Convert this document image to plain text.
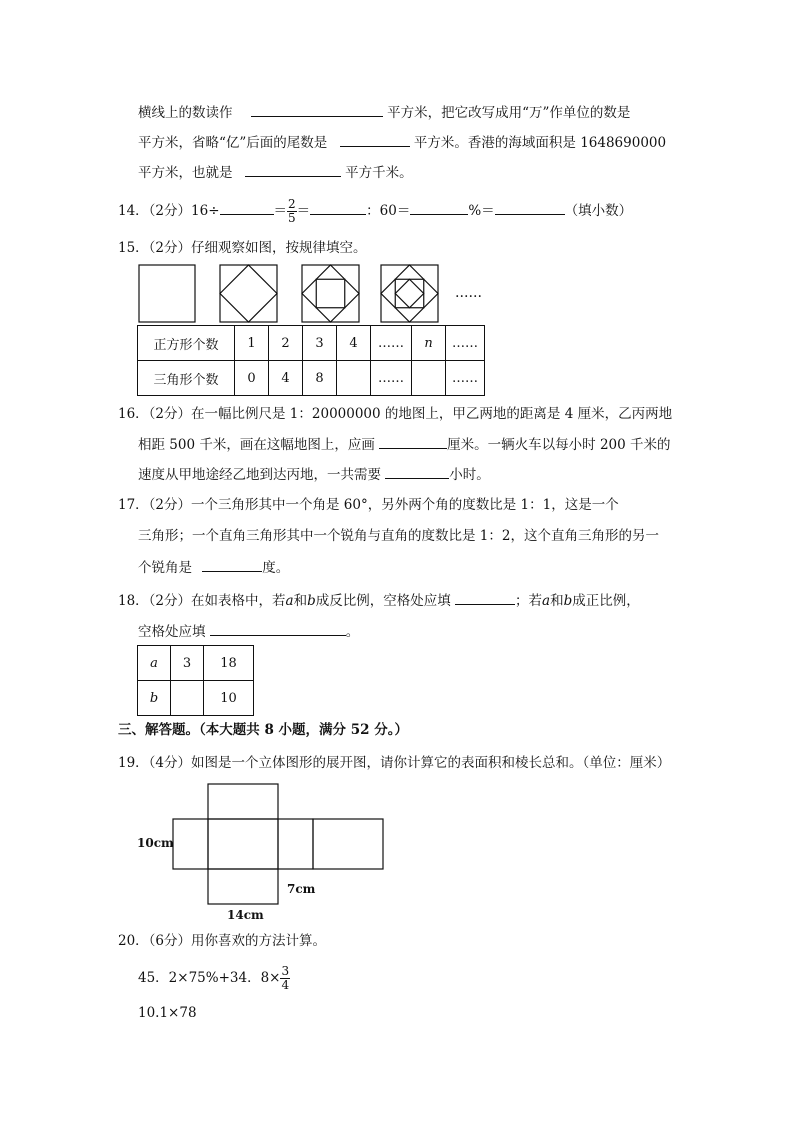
横线上的数读作	平方米，把它改写成用“万”作单位的数是
平方米，省略“亿”后面的尾数是	平方米。香港的海域面积是 1648690000
平方米，也就是	平方千米。
14．（2分）16÷	＝ $\frac{2}{5}$ ＝	：60＝	%＝	（填小数）
15．（2分）仔细观察如图，按规律填空。
……
正方形个数	1	2	3	4	……	n	……
三角形个数	0	4	8		……		……
16．（2分）在一幅比例尺是 1：20000000 的地图上，甲乙两地的距离是 4 厘米，乙丙两地
相距 500 千米，画在这幅地图上，应画	厘米。一辆火车以每小时 200 千米的
速度从甲地途经乙地到达丙地，一共需要	小时。
17．（2分）一个三角形其中一个角是 60°，另外两个角的度数比是 1：1，这是一个
三角形；一个直角三角形其中一个锐角与直角的度数比是 1：2，这个直角三角形的另一
个锐角是	度。
18．（2分）在如表格中，若a和b成反比例，空格处应填	；若a和b成正比例，
空格处应填	。
a	3	18
b		10
三、解答题。（本大题共 8 小题，满分 52 分。）
19．（4分）如图是一个立体图形的展开图，请你计算它的表面积和棱长总和。（单位：厘米）
10cm
7cm
14cm
20．（6分）用你喜欢的方法计算。
45．2×75%+34．$8\times \frac{3}{4}$
10.1×78
